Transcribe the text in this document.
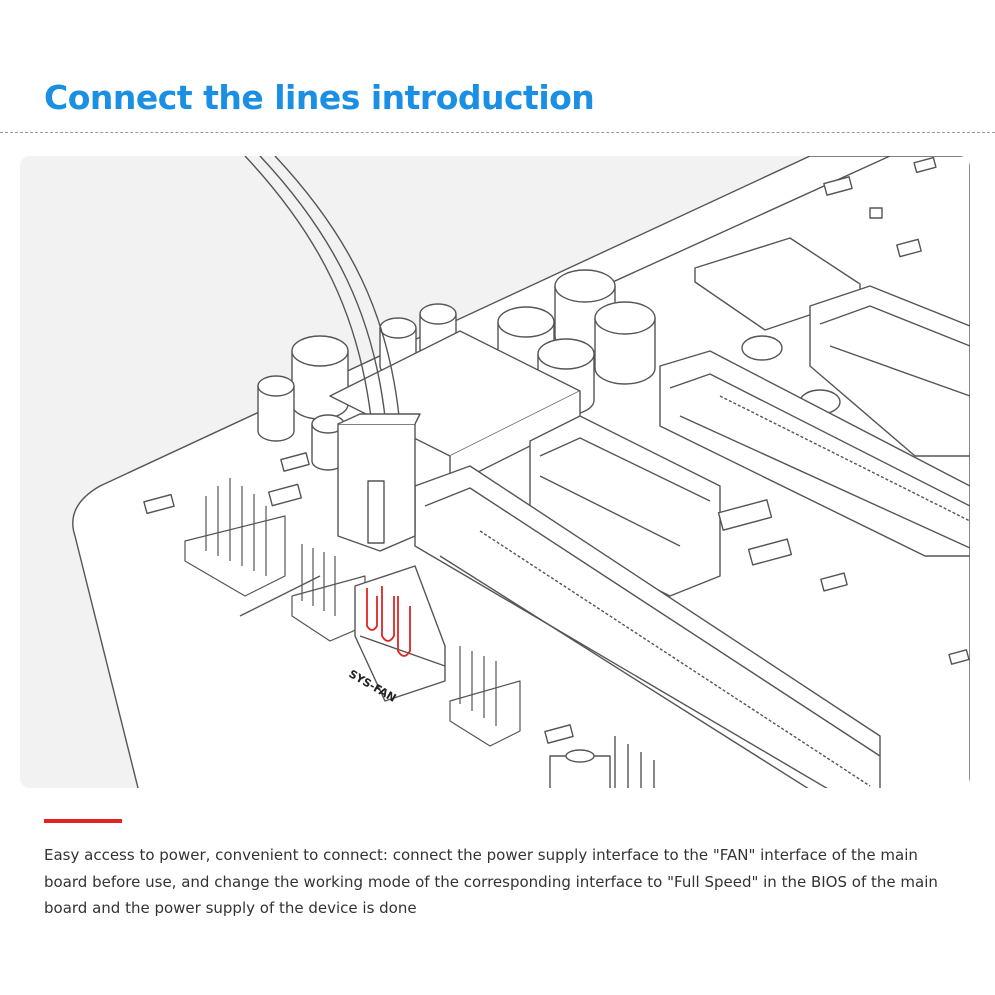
Connect the lines introduction
SYS-FAN

Easy access to power, convenient to connect: connect the power supply interface to the "FAN" interface of the main board before use, and change the working mode of the corresponding interface to "Full Speed" in the BIOS of the main board and the power supply of the device is done
